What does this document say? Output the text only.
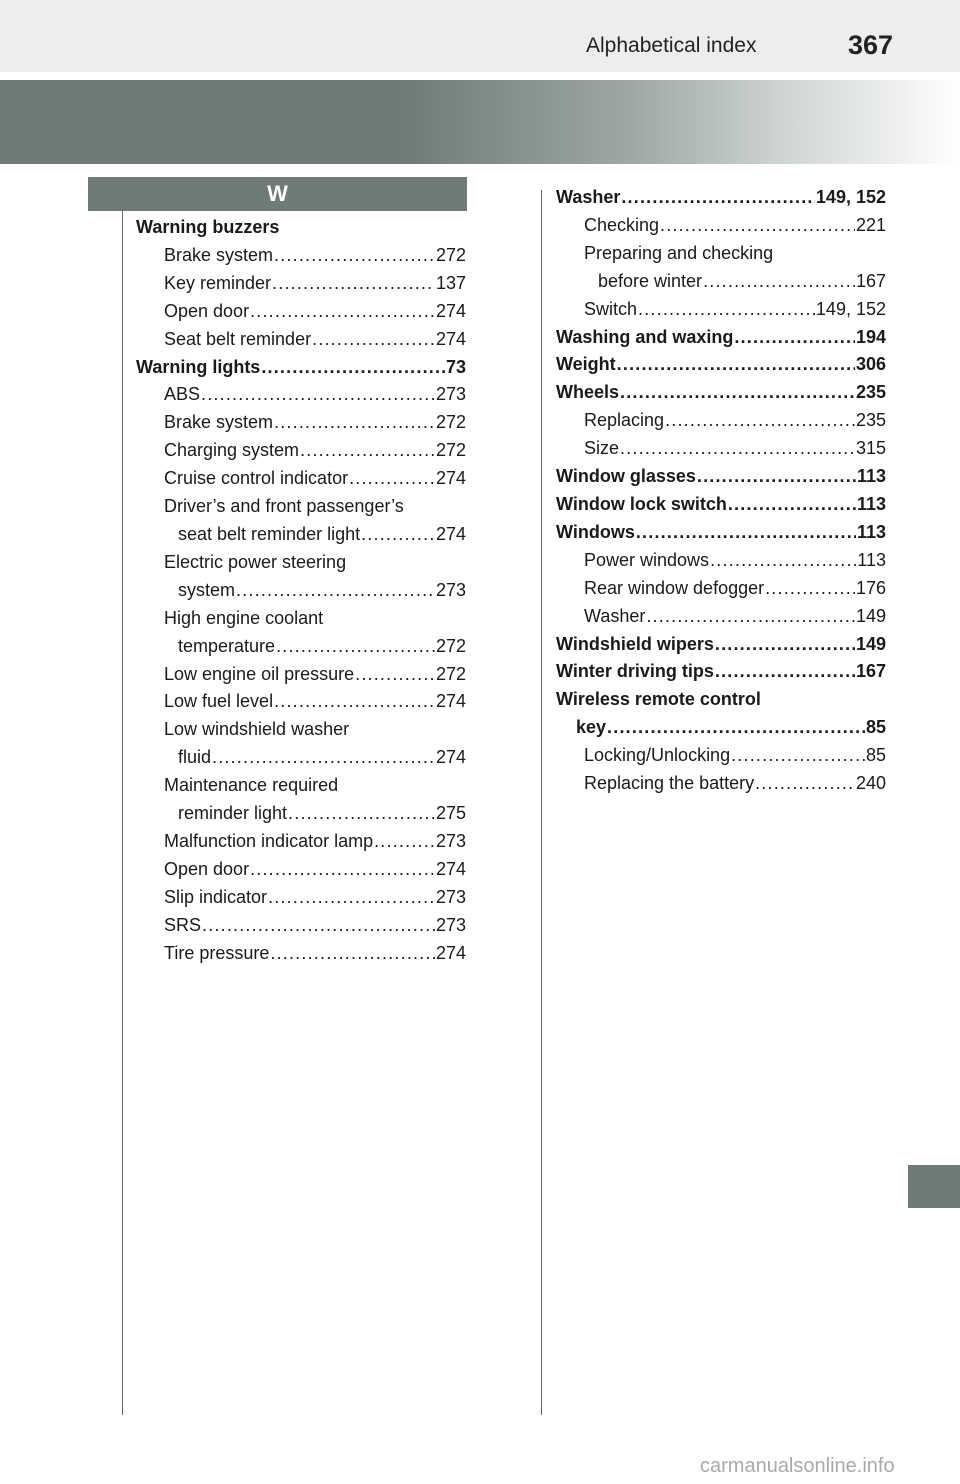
Alphabetical index	367
W
Warning buzzers
Brake system . . .	272
Key reminder . . .	137
Open door . . .	274
Seat belt reminder . . .	274
Warning lights . . .	73
ABS . . .	273
Brake system . . .	272
Charging system . . .	272
Cruise control indicator . . .	274
Driver’s and front passenger’s
seat belt reminder light . . .	274
Electric power steering
system . . .	273
High engine coolant
temperature . . .	272
Low engine oil pressure . . .	272
Low fuel level . . .	274
Low windshield washer
fluid . . .	274
Maintenance required
reminder light . . .	275
Malfunction indicator lamp . . .	273
Open door . . .	274
Slip indicator . . .	273
SRS . . .	273
Tire pressure . . .	274
Washer . . .	149, 152
Checking . . .	221
Preparing and checking
before winter . . .	167
Switch . . .	149, 152
Washing and waxing . . .	194
Weight . . .	306
Wheels . . .	235
Replacing . . .	235
Size . . .	315
Window glasses . . .	113
Window lock switch . . .	113
Windows . . .	113
Power windows . . .	113
Rear window defogger . . .	176
Washer . . .	149
Windshield wipers . . .	149
Winter driving tips . . .	167
Wireless remote control
key . . .	85
Locking/Unlocking . . .	85
Replacing the battery . . .	240
carmanualsonline.info
